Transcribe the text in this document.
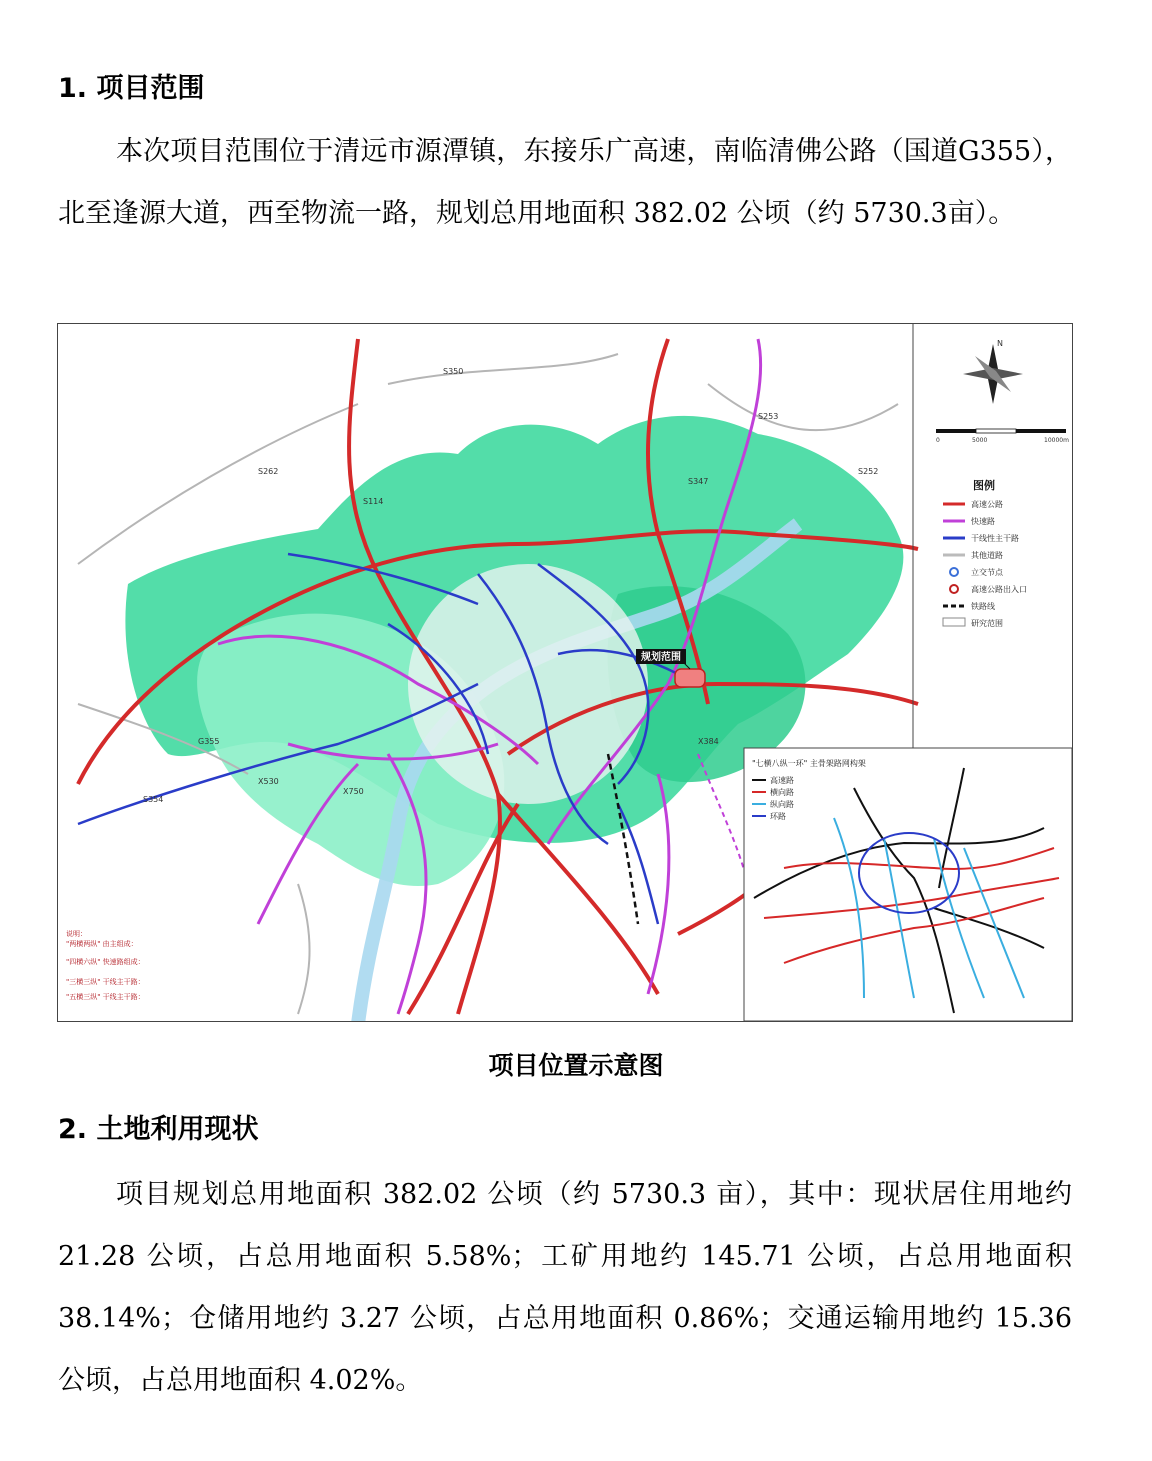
1. 项目范围
本次项目范围位于清远市源潭镇，东接乐广高速，南临清佛公路（国道G355），北至逢源大道，西至物流一路，规划总用地面积 382.02 公顷（约 5730.3亩）。
规划范围
S350
S252
S114
S253
S347
X384
S262
S354
X750
X530
G355
说明：
"两横两纵" 由主组成：
"四横六纵" 快速路组成：
"三横三纵" 干线主干路：
"五横三纵" 干线主干路：
N
0	5000	10000m
图例
高速公路
快速路
干线性主干路
其他道路
立交节点
高速公路出入口
铁路线
研究范围
"七横八纵一环" 主骨架路网构架
高速路
横向路
纵向路
环路
项目位置示意图
2. 土地利用现状
项目规划总用地面积 382.02 公顷（约 5730.3 亩），其中：现状居住用地约21.28 公顷，占总用地面积 5.58%；工矿用地约 145.71 公顷，占总用地面积 38.14%；仓储用地约 3.27 公顷，占总用地面积 0.86%；交通运输用地约 15.36 公顷，占总用地面积 4.02%。
